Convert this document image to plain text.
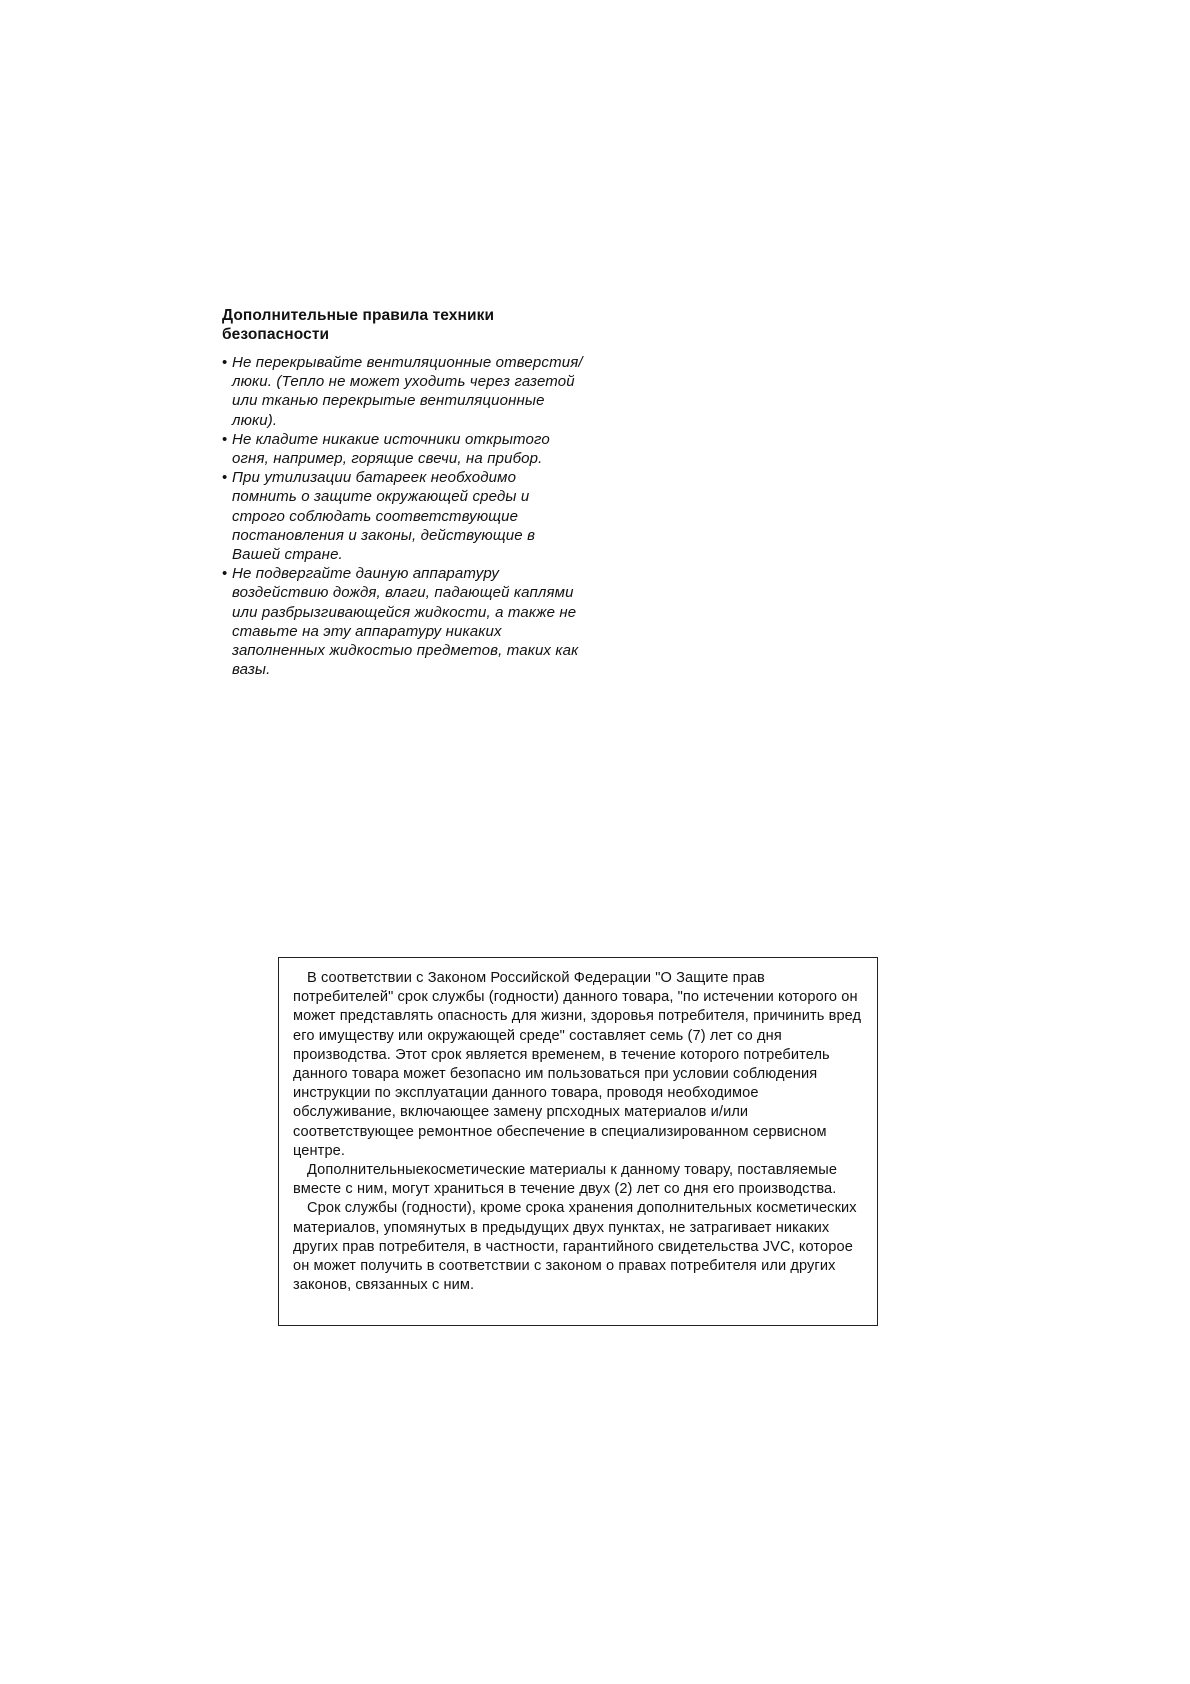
Дополнительные правила техники безопасности
• Не перекрывайте вентиляционные отверстия/люки. (Тепло не может уходить через газетой или тканью перекрытые вентиляционные люки).
• Не кладите никакие источники открытого огня, например, горящие свечи, на прибор.
• При утилизации батареек необходимо помнить о защите окружающей среды и строго соблюдать соответствующие постановления и законы, действующие в Вашей стране.
• Не подвергайте даиную аппаратуру воздействию дождя, влаги, падающей каплями или разбрызгивающейся жидкости, а также не ставьте на эту аппаратуру никаких заполненных жидкостыо предметов, таких как вазы.

В соответствии с Законом Российской Федерации "О Защите прав потребителей" срок службы (годности) данного товара, "по истечении которого он может представлять опасность для жизни, здоровья потребителя, причинить вред его имуществу или окружающей среде" составляет семь (7) лет со дня производства. Этот срок является временем, в течение которого потребитель данного товара может безопасно им пользоваться при условии соблюдения инструкции по эксплуатации данного товара, проводя необходимое обслуживание, включающее замену рпсходных материалов и/или соответствующее ремонтное обеспечение в специализированном сервисном центре.

Дополнительныекосметические материалы к данному товару, поставляемые вместе с ним, могут храниться в течение двух (2) лет со дня его производства.

Срок службы (годности), кроме срока хранения дополнительных косметических материалов, упомянутых в предыдущих двух пунктах, не затрагивает никаких других прав потребителя, в частности, гарантийного свидетельства JVC, которое он может получить в соответствии с законом о правах потребителя или других законов, связанных с ним.
